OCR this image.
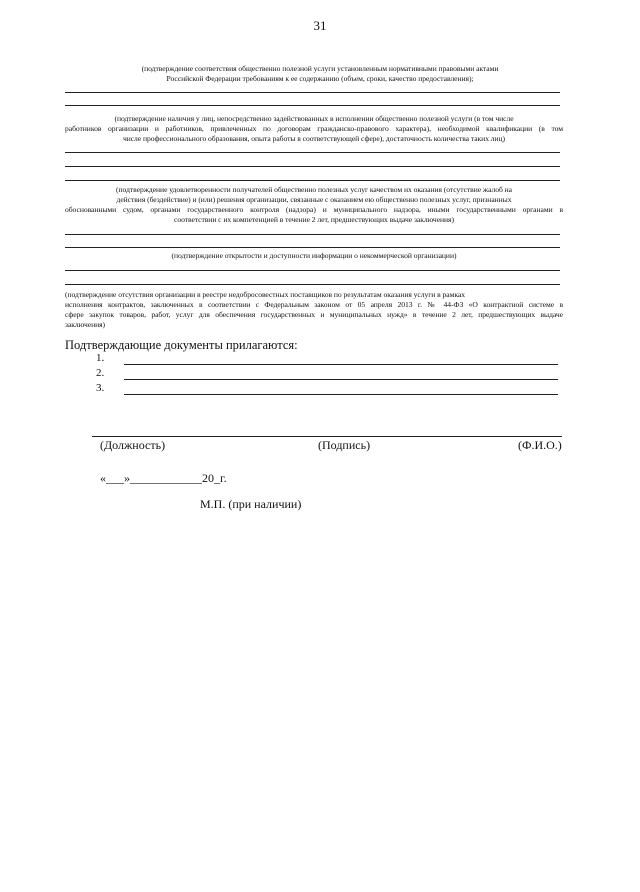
31
(подтверждение соответствия общественно полезной услуги установленным нормативными правовыми актами
Российской Федерации требованиям к ее содержанию (объем, сроки, качество предоставления);
(подтверждение наличия у лиц, непосредственно задействованных в исполнении общественно полезной услуги (в том числе
работников организации и работников, привлеченных по договорам гражданско-правового характера), необходимой квалификации (в том
числе профессионального образования, опыта работы в соответствующей сфере), достаточность количества таких лиц)
(подтверждение удовлетворенности получателей общественно полезных услуг качеством их оказания (отсутствие жалоб на
действия (бездействие) и (или) решения организации, связанные с оказанием ею общественно полезных услуг, признанных
обоснованными судом, органами государственного контроля (надзора) и муниципального надзора, иными государственными органами в
соответствии с их компетенцией в течение 2 лет, предшествующих выдаче заключения)
(подтверждение открытости и доступности информации о некоммерческой организации)
(подтверждение отсутствия организации в реестре недобросовестных поставщиков по результатам оказания услуги в рамках
исполнения контрактов, заключенных в соответствии с Федеральным законом от 05 апреля 2013 г. № 44-ФЗ «О контрактной системе в
сфере закупок товаров, работ, услуг для обеспечения государственных и муниципальных нужд» в течение 2 лет, предшествующих выдаче
заключения)
Подтверждающие документы прилагаются:
1.
2.
3.
(Должность)	(Подпись)	(Ф.И.О.)
«___»____________20_г.
М.П. (при наличии)
